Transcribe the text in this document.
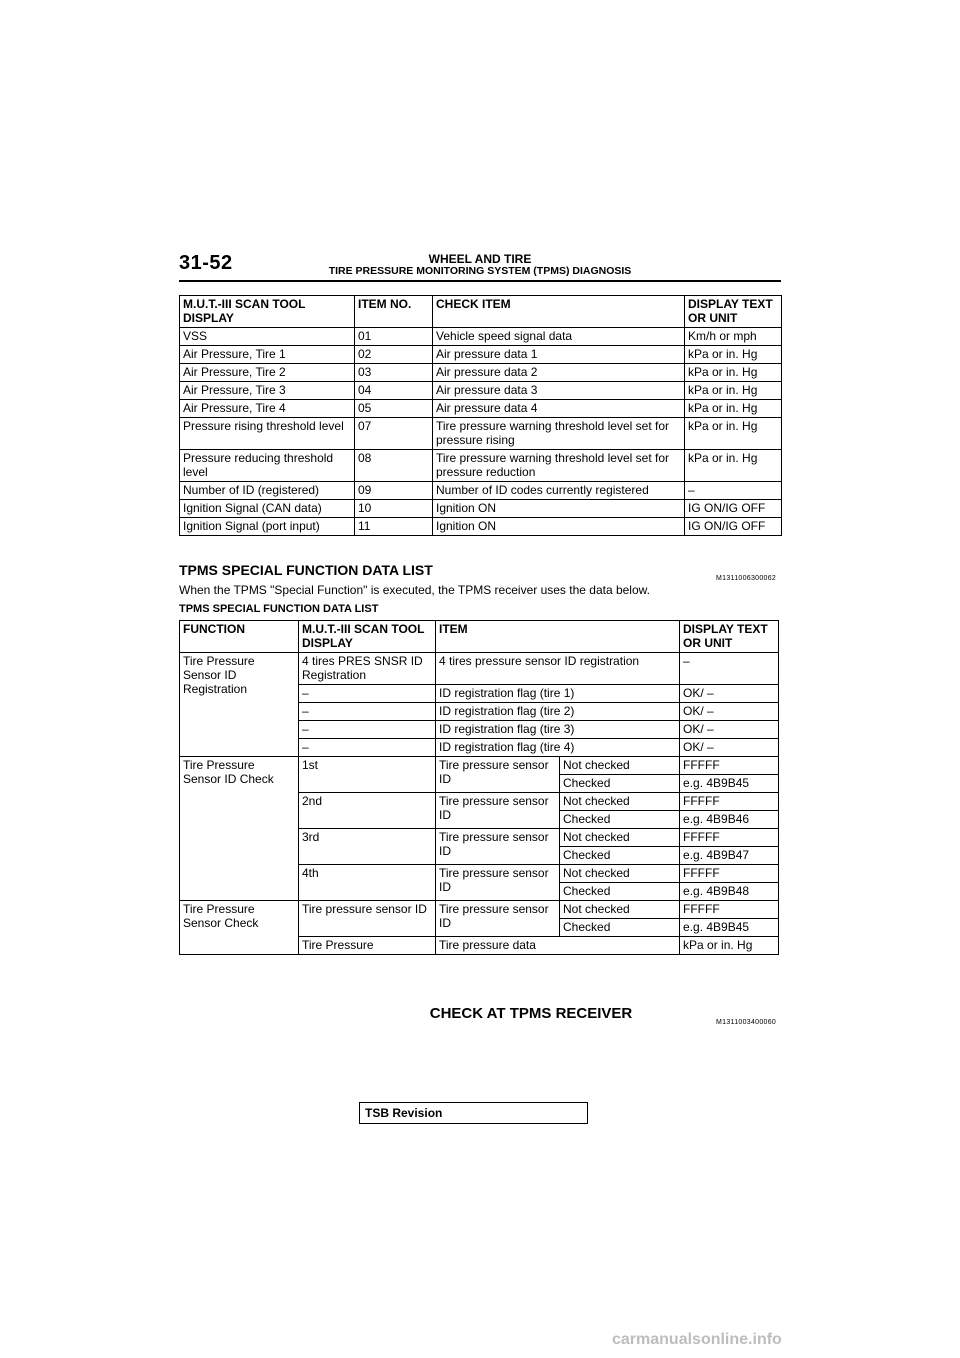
31-52	WHEEL AND TIRE
TIRE PRESSURE MONITORING SYSTEM (TPMS) DIAGNOSIS
M.U.T.-III SCAN TOOL DISPLAY	ITEM NO.	CHECK ITEM	DISPLAY TEXT OR UNIT
VSS	01	Vehicle speed signal data	Km/h or mph
Air Pressure, Tire 1	02	Air pressure data 1	kPa or in. Hg
Air Pressure, Tire 2	03	Air pressure data 2	kPa or in. Hg
Air Pressure, Tire 3	04	Air pressure data 3	kPa or in. Hg
Air Pressure, Tire 4	05	Air pressure data 4	kPa or in. Hg
Pressure rising threshold level	07	Tire pressure warning threshold level set for pressure rising	kPa or in. Hg
Pressure reducing threshold level	08	Tire pressure warning threshold level set for pressure reduction	kPa or in. Hg
Number of ID (registered)	09	Number of ID codes currently registered	–
Ignition Signal (CAN data)	10	Ignition ON	IG ON/IG OFF
Ignition Signal (port input)	11	Ignition ON	IG ON/IG OFF
TPMS SPECIAL FUNCTION DATA LIST
M1311006300062
When the TPMS "Special Function" is executed, the TPMS receiver uses the data below.
TPMS SPECIAL FUNCTION DATA LIST
FUNCTION	M.U.T.-III SCAN TOOL DISPLAY	ITEM		DISPLAY TEXT OR UNIT
Tire Pressure Sensor ID Registration	4 tires PRES SNSR ID Registration	4 tires pressure sensor ID registration		–
	–	ID registration flag (tire 1)		OK/ –
	–	ID registration flag (tire 2)		OK/ –
	–	ID registration flag (tire 3)		OK/ –
	–	ID registration flag (tire 4)		OK/ –
Tire Pressure Sensor ID Check	1st	Tire pressure sensor ID	Not checked	FFFFF
			Checked	e.g. 4B9B45
	2nd	Tire pressure sensor ID	Not checked	FFFFF
			Checked	e.g. 4B9B46
	3rd	Tire pressure sensor ID	Not checked	FFFFF
			Checked	e.g. 4B9B47
	4th	Tire pressure sensor ID	Not checked	FFFFF
			Checked	e.g. 4B9B48
Tire Pressure Sensor Check	Tire pressure sensor ID	Tire pressure sensor ID	Not checked	FFFFF
			Checked	e.g. 4B9B45
	Tire Pressure	Tire pressure data		kPa or in. Hg
CHECK AT TPMS RECEIVER
M1311003400060
TSB Revision
carmanualsonline.info
